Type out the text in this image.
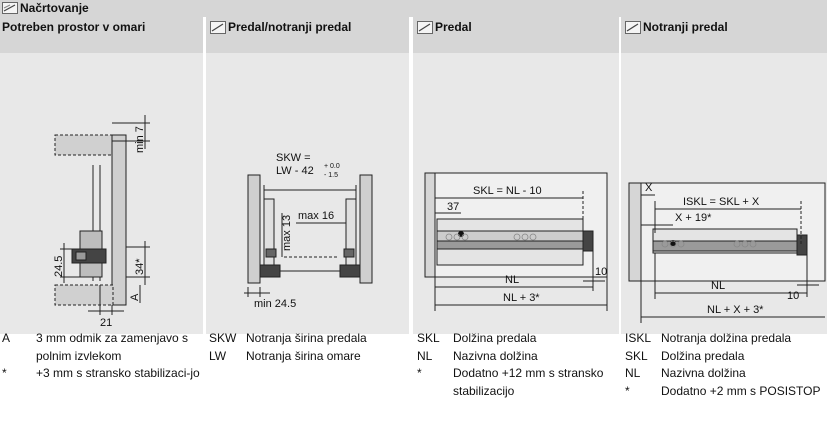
Načrtovanje
Potreben prostor v omari
min 7
34*
24.5
21
A
A 3 mm odmik za zamenjavo s polnim izvlekom
* +3 mm s stransko stabilizaci-jo
Predal/notranji predal
SKW =
LW - 42 + 0.0
- 1.5
max 16
max 13
min 24.5
SKW Notranja širina predala
LW Notranja širina omare
Predal
SKL = NL - 10
37
10
NL
NL + 3*
SKL Dolžina predala
NL Nazivna dolžina
*	Dodatno +12 mm s stransko stabilizacijo
Notranji predal
X
ISKL = SKL + X
X + 19*
10
NL
NL + X + 3*
ISKL Notranja dolžina predala
SKL Dolžina predala
NL Nazivna dolžina
*	Dodatno +2 mm s POSISTOP
